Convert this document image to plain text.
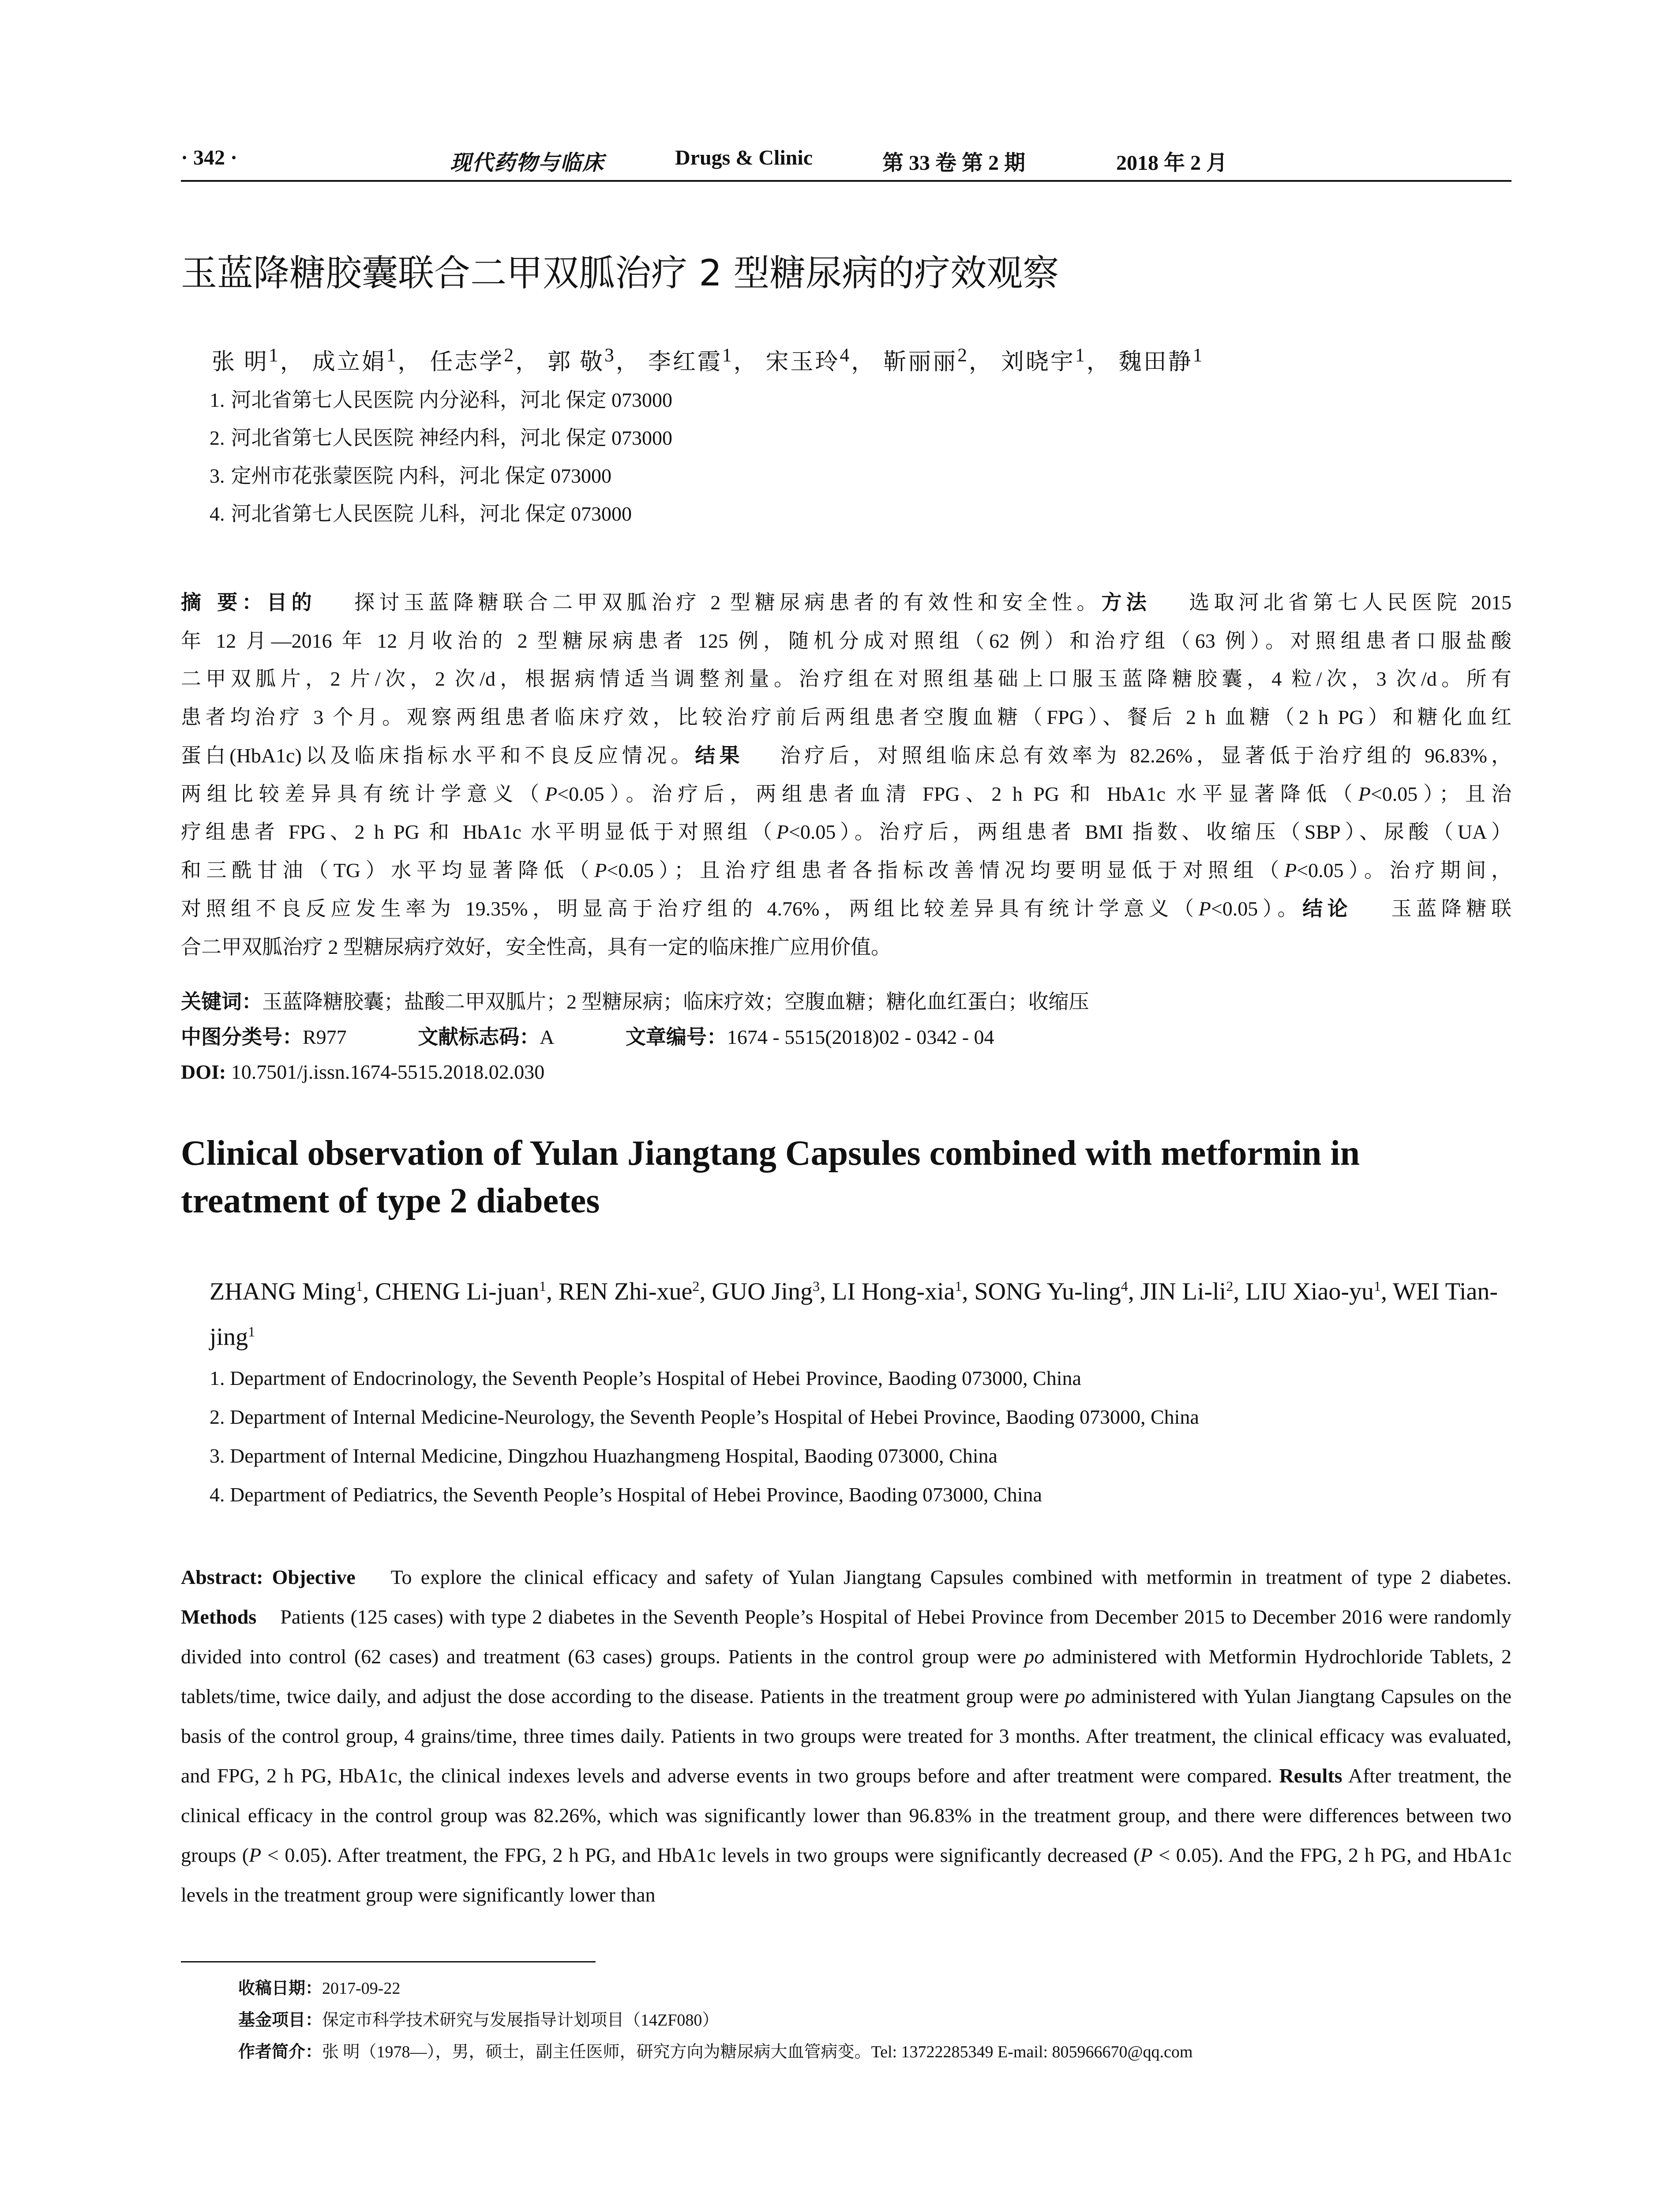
· 342 ·	现代药物与临床	Drugs & Clinic	第 33 卷 第 2 期	2018 年 2 月
玉蓝降糖胶囊联合二甲双胍治疗 2 型糖尿病的疗效观察
张 明$^1$， 成立娟$^1$， 任志学$^2$， 郭 敬$^3$， 李红霞$^1$， 宋玉玲$^4$， 靳丽丽$^2$， 刘晓宇$^1$， 魏田静$^1$
1. 河北省第七人民医院 内分泌科，河北 保定 073000
2. 河北省第七人民医院 神经内科，河北 保定 073000
3. 定州市花张蒙医院 内科，河北 保定 073000
4. 河北省第七人民医院 儿科，河北 保定 073000
摘 要：目的 探讨玉蓝降糖联合二甲双胍治疗 2 型糖尿病患者的有效性和安全性。方法 选取河北省第七人民医院 2015
年 12 月—2016 年 12 月收治的 2 型糖尿病患者 125 例，随机分成对照组（62 例）和治疗组（63 例）。对照组患者口服盐酸
二甲双胍片，2 片/次，2 次/d，根据病情适当调整剂量。治疗组在对照组基础上口服玉蓝降糖胶囊，4 粒/次，3 次/d。所有
患者均治疗 3 个月。观察两组患者临床疗效，比较治疗前后两组患者空腹血糖（FPG）、餐后 2 h 血糖（2 h PG）和糖化血红
蛋白(HbA1c)以及临床指标水平和不良反应情况。结果 治疗后，对照组临床总有效率为 82.26%，显著低于治疗组的 96.83%，
两组比较差异具有统计学意义（P<0.05）。治疗后，两组患者血清 FPG、2 h PG 和 HbA1c 水平显著降低（P<0.05）；且治
疗组患者 FPG、2 h PG 和 HbA1c 水平明显低于对照组（P<0.05）。治疗后，两组患者 BMI 指数、收缩压（SBP）、尿酸（UA）
和三酰甘油（TG）水平均显著降低（P<0.05）；且治疗组患者各指标改善情况均要明显低于对照组（P<0.05）。治疗期间，
对照组不良反应发生率为 19.35%，明显高于治疗组的 4.76%，两组比较差异具有统计学意义（P<0.05）。结论 玉蓝降糖联
合二甲双胍治疗 2 型糖尿病疗效好，安全性高，具有一定的临床推广应用价值。
关键词：玉蓝降糖胶囊；盐酸二甲双胍片；2 型糖尿病；临床疗效；空腹血糖；糖化血红蛋白；收缩压
中图分类号：R977	文献标志码：A	文章编号：1674 - 5515(2018)02 - 0342 - 04
DOI: 10.7501/j.issn.1674-5515.2018.02.030
Clinical observation of Yulan Jiangtang Capsules combined with metformin in
treatment of type 2 diabetes
ZHANG Ming$^1$, CHENG Li-juan$^1$, REN Zhi-xue$^2$, GUO Jing$^3$, LI Hong-xia$^1$, SONG Yu-ling$^4$, JIN $Li-li^2$, LIU Xiao-$yu^1$, WEI Tian-jing$^1$
1. Department of Endocrinology, the Seventh People’s Hospital of Hebei Province, Baoding 073000, China
2. Department of Internal Medicine-Neurology, the Seventh People’s Hospital of Hebei Province, Baoding 073000, China
3. Department of Internal Medicine, Dingzhou Huazhangmeng Hospital, Baoding 073000, China
4. Department of Pediatrics, the Seventh People’s Hospital of Hebei Province, Baoding 073000, China
Abstract: Objective To explore the clinical efficacy and safety of Yulan Jiangtang Capsules combined with metformin in treatment of type 2 diabetes. Methods Patients (125 cases) with type 2 diabetes in the Seventh People’s Hospital of Hebei Province from December 2015 to December 2016 were randomly divided into control (62 cases) and treatment (63 cases) groups. Patients in the control group were po administered with Metformin Hydrochloride Tablets, 2 tablets/time, twice daily, and adjust the dose according to the disease. Patients in the treatment group were po administered with Yulan Jiangtang Capsules on the basis of the control group, 4 grains/time, three times daily. Patients in two groups were treated for 3 months. After treatment, the clinical efficacy was evaluated, and FPG, 2 h PG, HbA1c, the clinical indexes levels and adverse events in two groups before and after treatment were compared. Results After treatment, the clinical efficacy in the control group was 82.26%, which was significantly lower than 96.83% in the treatment group, and there were differences between two groups (P < 0.05). After treatment, the FPG, 2 h PG, and HbA1c levels in two groups were significantly decreased (P < 0.05). And the FPG, 2 h PG, and HbA1c levels in the treatment group were significantly lower than
收稿日期：2017-09-22
基金项目：保定市科学技术研究与发展指导计划项目（14ZF080）
作者简介：张 明（1978—），男，硕士，副主任医师，研究方向为糖尿病大血管病变。Tel: 13722285349 E-mail: 805966670@qq.com
